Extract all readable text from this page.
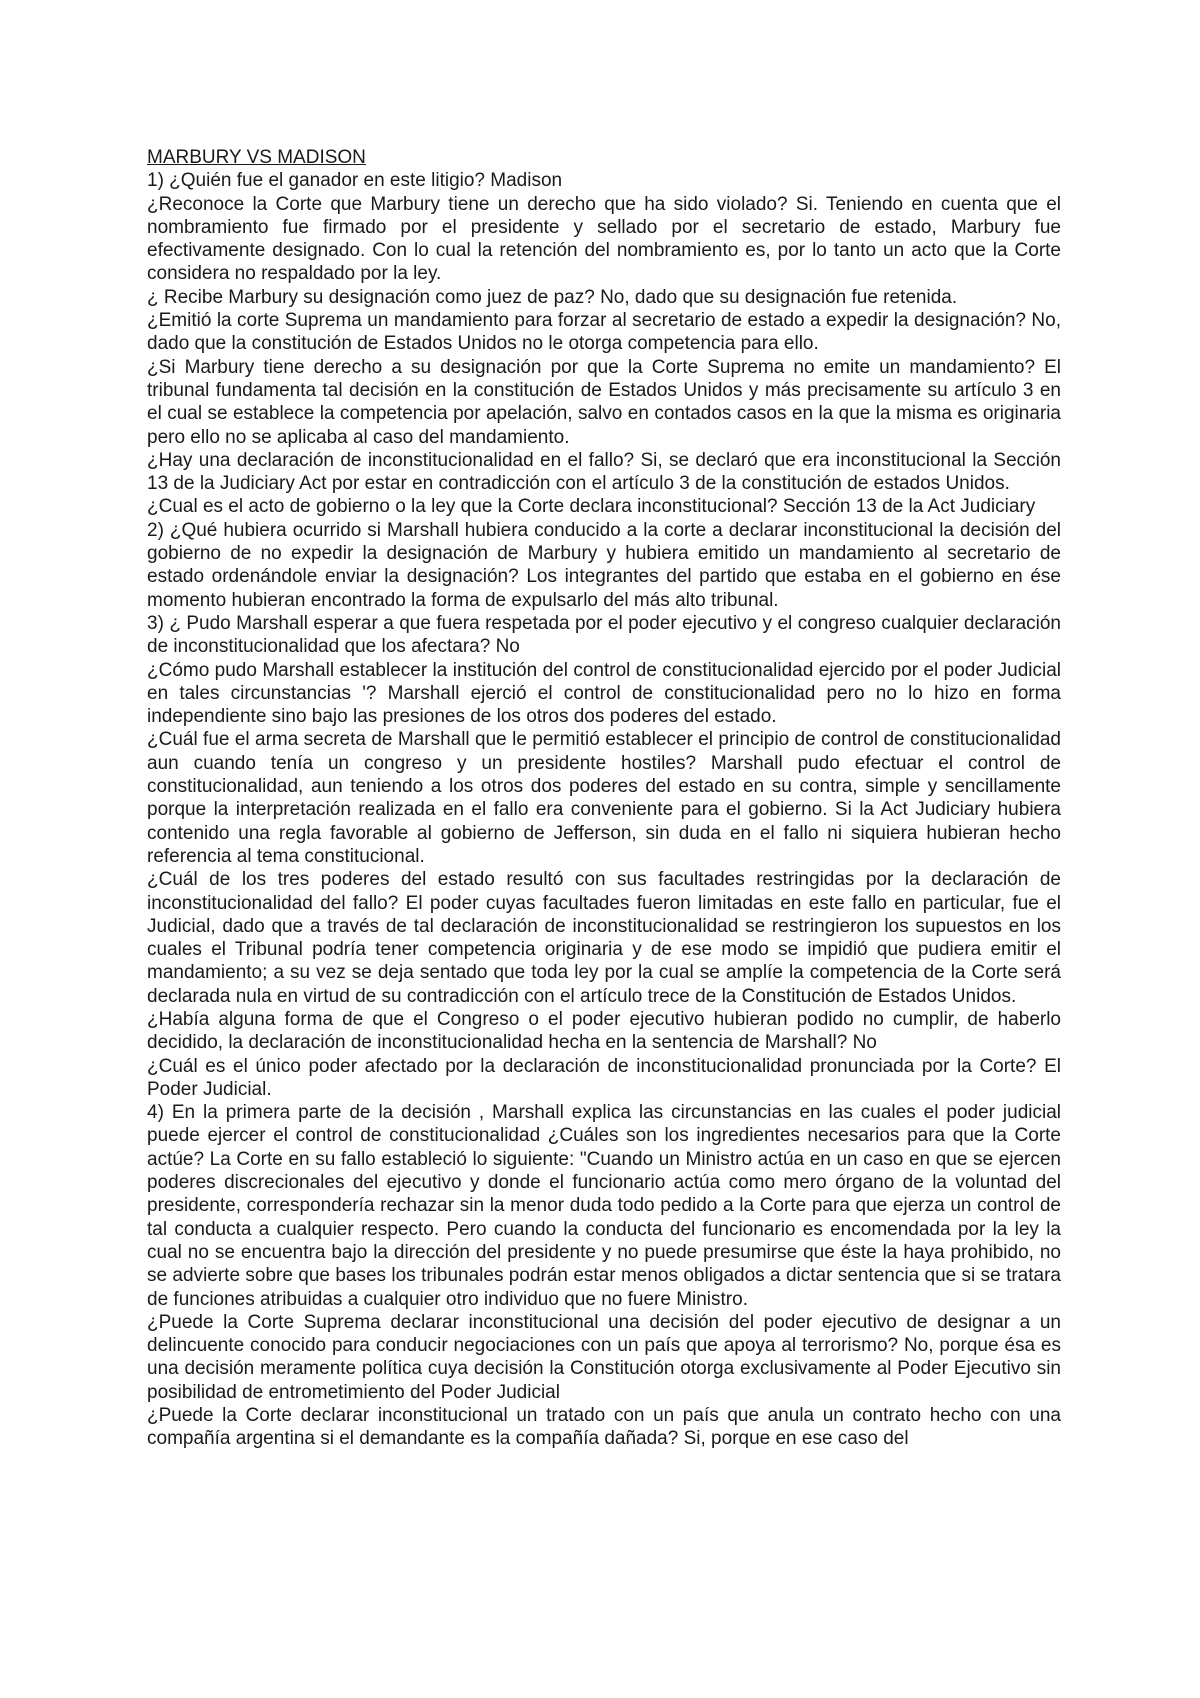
MARBURY VS MADISON

1) ¿Quién fue el ganador en este litigio? Madison

¿Reconoce la Corte que Marbury tiene un derecho que ha sido violado? Si. Teniendo en cuenta que el nombramiento fue firmado por el presidente y sellado por el secretario de estado, Marbury fue efectivamente designado. Con lo cual la retención del nombramiento es, por lo tanto un acto que la Corte considera no respaldado por la ley.

¿ Recibe Marbury su designación como juez de paz? No, dado que su designación fue retenida.

¿Emitió la corte Suprema un mandamiento para forzar al secretario de estado a expedir la designación? No, dado que la constitución de Estados Unidos no le otorga competencia para ello.

¿Si Marbury tiene derecho a su designación por que la Corte Suprema no emite un mandamiento? El tribunal fundamenta tal decisión en la constitución de Estados Unidos y más precisamente su artículo 3 en el cual se establece la competencia por apelación, salvo en contados casos en la que la misma es originaria pero ello no se aplicaba al caso del mandamiento.

¿Hay una declaración de inconstitucionalidad en el fallo? Si, se declaró que era inconstitucional la Sección 13 de la Judiciary Act por estar en contradicción con el artículo 3 de la constitución de estados Unidos.

¿Cual es el acto de gobierno o la ley que la Corte declara inconstitucional? Sección 13 de la Act Judiciary

2) ¿Qué hubiera ocurrido si Marshall hubiera conducido a la corte a declarar inconstitucional la decisión del gobierno de no expedir la designación de Marbury y hubiera emitido un mandamiento al secretario de estado ordenándole enviar la designación? Los integrantes del partido que estaba en el gobierno en ése momento hubieran encontrado la forma de expulsarlo del más alto tribunal.

3) ¿ Pudo Marshall esperar a que fuera respetada por el poder ejecutivo y el congreso cualquier declaración de inconstitucionalidad que los afectara? No

¿Cómo pudo Marshall establecer la institución del control de constitucionalidad ejercido por el poder Judicial en tales circunstancias '? Marshall ejerció el control de constitucionalidad pero no lo hizo en forma independiente sino bajo las presiones de los otros dos poderes del estado.

¿Cuál fue el arma secreta de Marshall que le permitió establecer el principio de control de constitucionalidad aun cuando tenía un congreso y un presidente hostiles? Marshall pudo efectuar el control de constitucionalidad, aun teniendo a los otros dos poderes del estado en su contra, simple y sencillamente porque la interpretación realizada en el fallo era conveniente para el gobierno. Si la Act Judiciary hubiera contenido una regla favorable al gobierno de Jefferson, sin duda en el fallo ni siquiera hubieran hecho referencia al tema constitucional.

¿Cuál de los tres poderes del estado resultó con sus facultades restringidas por la declaración de inconstitucionalidad del fallo? El poder cuyas facultades fueron limitadas en este fallo en particular, fue el Judicial, dado que a través de tal declaración de inconstitucionalidad se restringieron los supuestos en los cuales el Tribunal podría tener competencia originaria y de ese modo se impidió que pudiera emitir el mandamiento; a su vez se deja sentado que toda ley por la cual se amplíe la competencia de la Corte será declarada nula en virtud de su contradicción con el artículo trece de la Constitución de Estados Unidos.

¿Había alguna forma de que el Congreso o el poder ejecutivo hubieran podido no cumplir, de haberlo decidido, la declaración de inconstitucionalidad hecha en la sentencia de Marshall? No

¿Cuál es el único poder afectado por la declaración de inconstitucionalidad pronunciada por la Corte? El Poder Judicial.

4) En la primera parte de la decisión , Marshall explica las circunstancias en las cuales el poder judicial puede ejercer el control de constitucionalidad ¿Cuáles son los ingredientes necesarios para que la Corte actúe? La Corte en su fallo estableció lo siguiente: "Cuando un Ministro actúa en un caso en que se ejercen poderes discrecionales del ejecutivo y donde el funcionario actúa como mero órgano de la voluntad del presidente, correspondería rechazar sin la menor duda todo pedido a la Corte para que ejerza un control de tal conducta a cualquier respecto. Pero cuando la conducta del funcionario es encomendada por la ley la cual no se encuentra bajo la dirección del presidente y no puede presumirse que éste la haya prohibido, no se advierte sobre que bases los tribunales podrán estar menos obligados a dictar sentencia que si se tratara de funciones atribuidas a cualquier otro individuo que no fuere Ministro.

¿Puede la Corte Suprema declarar inconstitucional una decisión del poder ejecutivo de designar a un delincuente conocido para conducir negociaciones con un país que apoya al terrorismo? No, porque ésa es una decisión meramente política cuya decisión la Constitución otorga exclusivamente al Poder Ejecutivo sin posibilidad de entrometimiento del Poder Judicial

¿Puede la Corte declarar inconstitucional un tratado con un país que anula un contrato hecho con una compañía argentina si el demandante es la compañía dañada? Si, porque en ese caso del
